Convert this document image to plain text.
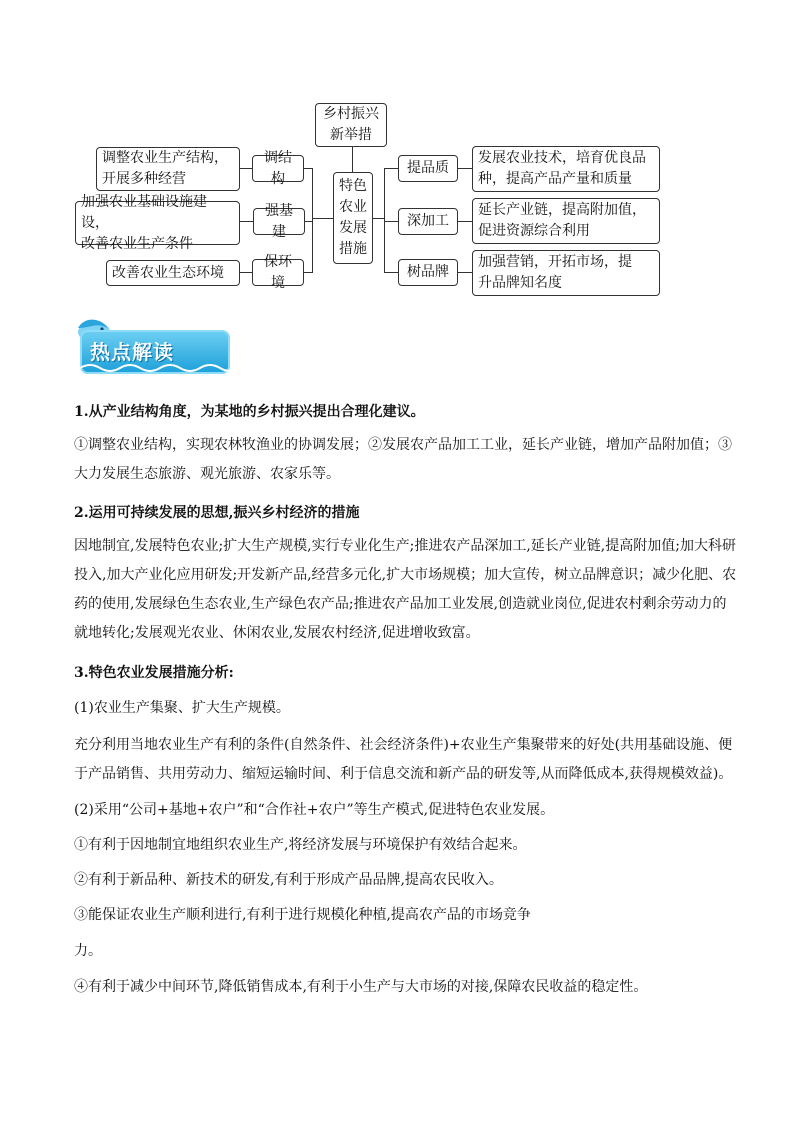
乡村振兴
新举措
特色
农业
发展
措施
调结构
强基建
保环境
调整农业生产结构，
开展多种经营
加强农业基础设施建设，
改善农业生产条件
改善农业生态环境
提品质
深加工
树品牌
发展农业技术，培育优良品
种，提高产品产量和质量
延长产业链，提高附加值，
促进资源综合利用
加强营销，开拓市场，提
升品牌知名度
热点解读
1.从产业结构角度，为某地的乡村振兴提出合理化建议。
①调整农业结构，实现农林牧渔业的协调发展；②发展农产品加工工业，延长产业链，增加产品附加值；③大力发展生态旅游、观光旅游、农家乐等。
2.运用可持续发展的思想,振兴乡村经济的措施
因地制宜,发展特色农业;扩大生产规模,实行专业化生产;推进农产品深加工,延长产业链,提高附加值;加大科研投入,加大产业化应用研发;开发新产品,经营多元化,扩大市场规模；加大宣传，树立品牌意识；减少化肥、农药的使用,发展绿色生态农业,生产绿色农产品;推进农产品加工业发展,创造就业岗位,促进农村剩余劳动力的就地转化;发展观光农业、休闲农业,发展农村经济,促进增收致富。
3.特色农业发展措施分析:
(1)农业生产集聚、扩大生产规模。
充分利用当地农业生产有利的条件(自然条件、社会经济条件)+农业生产集聚带来的好处(共用基础设施、便于产品销售、共用劳动力、缩短运输时间、利于信息交流和新产品的研发等,从而降低成本,获得规模效益)。
(2)采用“公司+基地+农户”和“合作社+农户”等生产模式,促进特色农业发展。
①有利于因地制宜地组织农业生产,将经济发展与环境保护有效结合起来。
②有利于新品种、新技术的研发,有利于形成产品品牌,提高农民收入。
③能保证农业生产顺利进行,有利于进行规模化种植,提高农产品的市场竞争
力。
④有利于减少中间环节,降低销售成本,有利于小生产与大市场的对接,保障农民收益的稳定性。
